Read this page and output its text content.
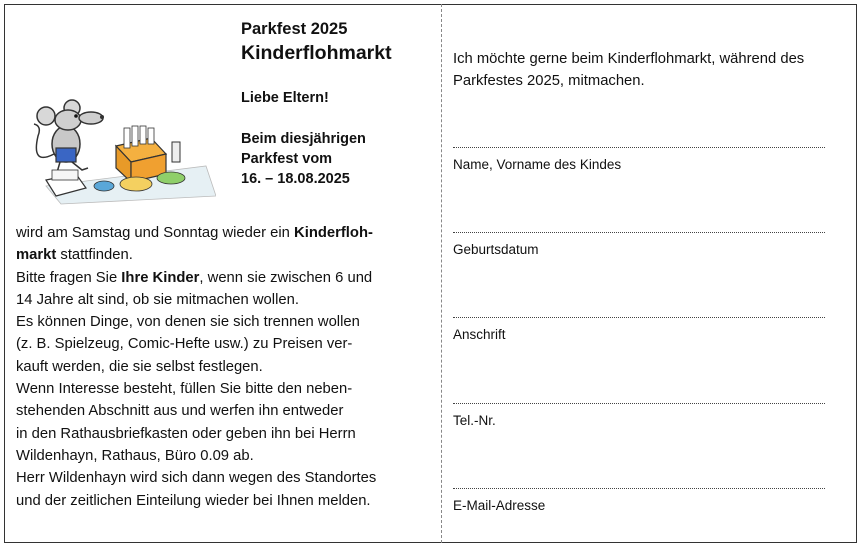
Parkfest 2025
Kinderflohmarkt
Liebe Eltern!
Beim diesjährigen
Parkfest vom
16. – 18.08.2025
wird am Samstag und Sonntag wieder ein Kinderfloh-
markt stattfinden.
Bitte fragen Sie Ihre Kinder, wenn sie zwischen 6 und
14 Jahre alt sind, ob sie mitmachen wollen.
Es können Dinge, von denen sie sich trennen wollen
(z. B. Spielzeug, Comic-Hefte usw.) zu Preisen ver-
kauft werden, die sie selbst festlegen.
Wenn Interesse besteht, füllen Sie bitte den neben-
stehenden Abschnitt aus und werfen ihn entweder
in den Rathausbriefkasten oder geben ihn bei Herrn
Wildenhayn, Rathaus, Büro 0.09 ab.
Herr Wildenhayn wird sich dann wegen des Standortes
und der zeitlichen Einteilung wieder bei Ihnen melden.
Ich möchte gerne beim Kinderflohmarkt, während des Parkfestes 2025, mitmachen.
Name, Vorname des Kindes
Geburtsdatum
Anschrift
Tel.-Nr.
E-Mail-Adresse
